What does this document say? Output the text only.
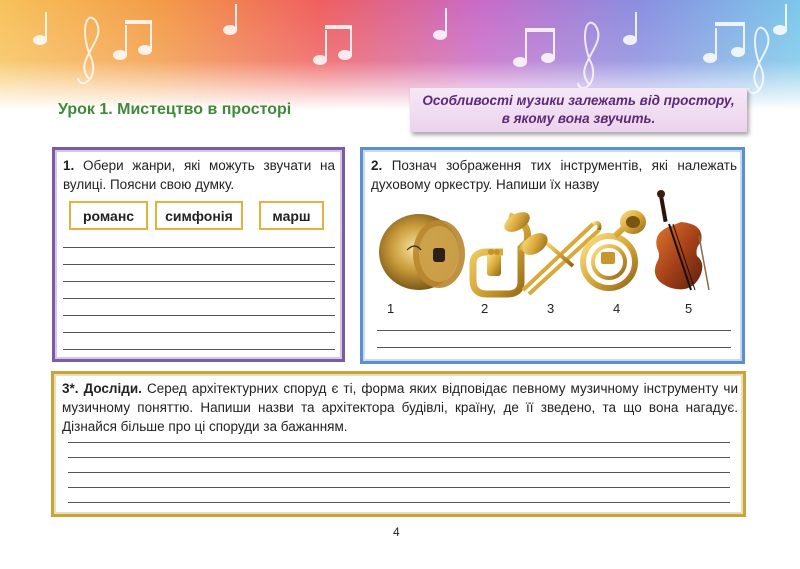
Урок 1. Мистецтво в просторі
Особливості музики залежать від простору,
в якому вона звучить.
1. Обери жанри, які можуть звучати на вулиці. Поясни свою думку.
романс	симфонія	марш
2. Познач зображення тих інструментів, які належать духовому оркестру. Напиши їх назву
1	2	3	4	5
3*. Досліди. Серед архітектурних споруд є ті, форма яких відповідає певному музичному інструменту чи музичному поняттю. Напиши назви та архітектора будівлі, країну, де її зведено, та що вона нагадує. Дізнайся більше про ці споруди за бажанням.
4
